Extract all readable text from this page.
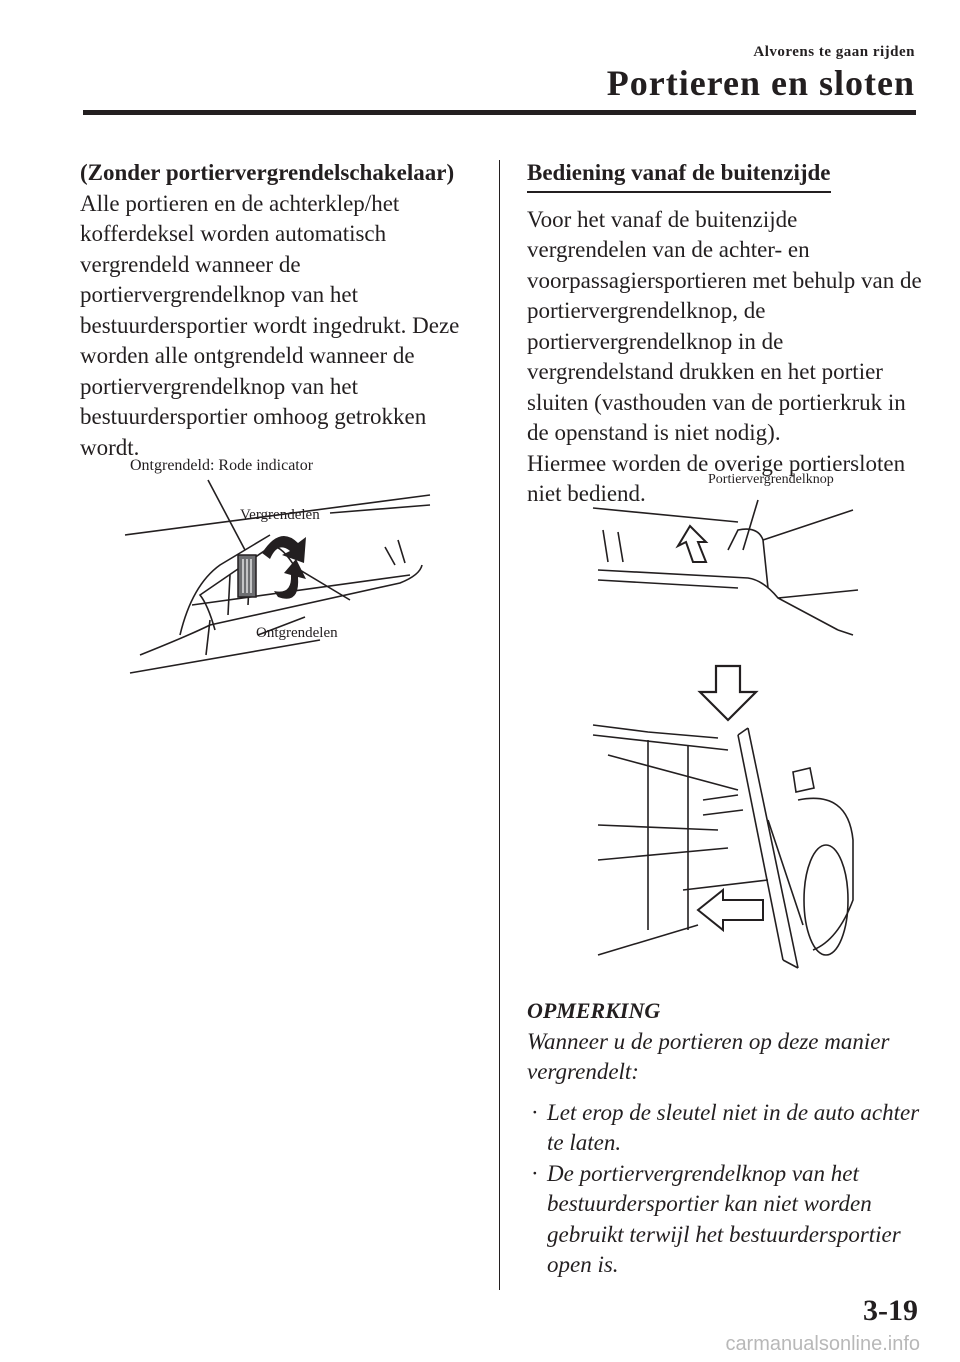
Alvorens te gaan rijden
Portieren en sloten
(Zonder portiervergrendelschakelaar)

Alle portieren en de achterklep/het kofferdeksel worden automatisch vergrendeld wanneer de portiervergrendelknop van het bestuurdersportier wordt ingedrukt. Deze worden alle ontgrendeld wanneer de portiervergrendelknop van het bestuurdersportier omhoog getrokken wordt.

Ontgrendeld: Rode indicator
Vergrendelen
Ontgrendelen
Bediening vanaf de buitenzijde

Voor het vanaf de buitenzijde vergrendelen van de achter- en voorpassagiersportieren met behulp van de portiervergrendelknop, de portiervergrendelknop in de vergrendelstand drukken en het portier sluiten (vasthouden van de portierkruk in de openstand is niet nodig).

Hiermee worden de overige portiersloten niet bediend.

Portiervergrendelknop
OPMERKING

Wanneer u de portieren op deze manier vergrendelt:

· Let erop de sleutel niet in de auto achter te laten.
· De portiervergrendelknop van het bestuurdersportier kan niet worden gebruikt terwijl het bestuurdersportier open is.
3-19
carmanualsonline.info
